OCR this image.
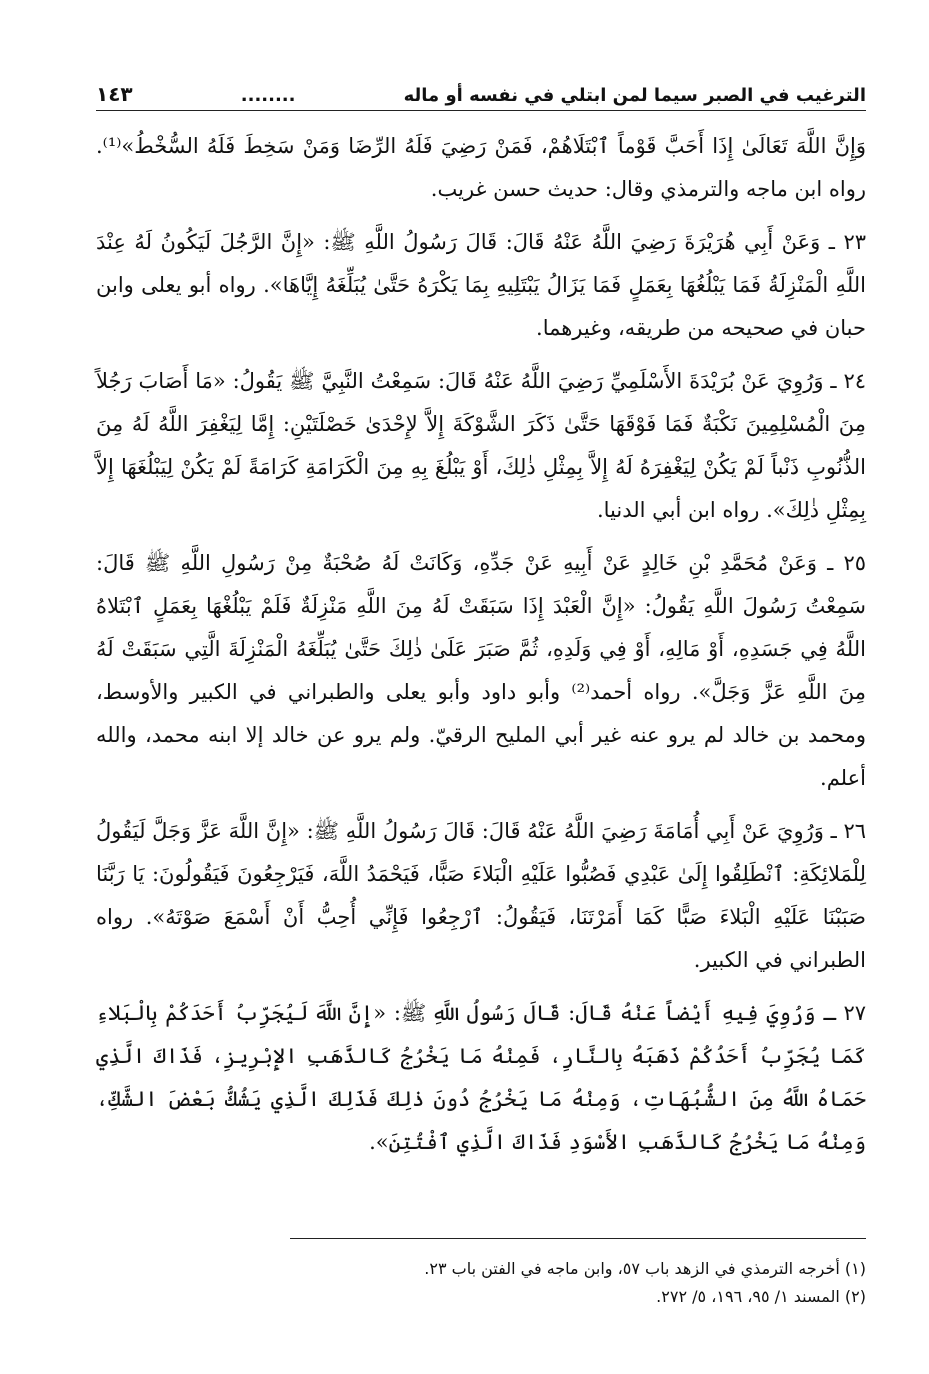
الترغيب في الصبر سيما لمن ابتلي في نفسه أو ماله
........
١٤٣

وَإِنَّ اللَّهَ تَعَالَىٰ إِذَا أَحَبَّ قَوْماً ٱبْتَلَاهُمْ، فَمَنْ رَضِيَ فَلَهُ الرِّضَا وَمَنْ سَخِطَ فَلَهُ السُّخْطُ»⁽¹⁾. رواه ابن ماجه والترمذي وقال: حديث حسن غريب.

٢٣ ـ وَعَنْ أَبِي هُرَيْرَةَ رَضِيَ اللَّهُ عَنْهُ قَالَ: قَالَ رَسُولُ اللَّهِ ﷺ: «إِنَّ الرَّجُلَ لَيَكُونُ لَهُ عِنْدَ اللَّهِ الْمَنْزِلَةُ فَمَا يَبْلُغُهَا بِعَمَلٍ فَمَا يَزَالُ يَبْتَلِيهِ بِمَا يَكْرَهُ حَتَّىٰ يُبَلِّغَهُ إِيَّاهَا». رواه أبو يعلى وابن حبان في صحيحه من طريقه، وغيرهما.

٢٤ ـ وَرُوِيَ عَنْ بُرَيْدَةَ الأَسْلَمِيِّ رَضِيَ اللَّهُ عَنْهُ قَالَ: سَمِعْتُ النَّبِيَّ ﷺ يَقُولُ: «مَا أَصَابَ رَجُلاً مِنَ الْمُسْلِمِينَ نَكْبَةٌ فَمَا فَوْقَهَا حَتَّىٰ ذَكَرَ الشَّوْكَةَ إِلاَّ لإِحْدَىٰ خَصْلَتَيْنِ: إِمَّا لِيَغْفِرَ اللَّهُ لَهُ مِنَ الذُّنُوبِ ذَنْباً لَمْ يَكُنْ لِيَغْفِرَهُ لَهُ إِلاَّ بِمِثْلِ ذٰلِكَ، أَوْ يَبْلُغَ بِهِ مِنَ الْكَرَامَةِ كَرَامَةً لَمْ يَكُنْ لِيَبْلُغَهَا إِلاَّ بِمِثْلِ ذٰلِكَ». رواه ابن أبي الدنيا.

٢٥ ـ وَعَنْ مُحَمَّدِ بْنِ خَالِدٍ عَنْ أَبِيهِ عَنْ جَدِّهِ، وَكَانَتْ لَهُ صُحْبَةٌ مِنْ رَسُولِ اللَّهِ ﷺ قَالَ: سَمِعْتُ رَسُولَ اللَّهِ يَقُولُ: «إِنَّ الْعَبْدَ إِذَا سَبَقَتْ لَهُ مِنَ اللَّهِ مَنْزِلَةٌ فَلَمْ يَبْلُغْهَا بِعَمَلٍ ٱبْتَلاهُ اللَّهُ فِي جَسَدِهِ، أَوْ مَالِهِ، أَوْ فِي وَلَدِهِ، ثُمَّ صَبَرَ عَلَىٰ ذٰلِكَ حَتَّىٰ يُبَلِّغَهُ الْمَنْزِلَةَ الَّتِي سَبَقَتْ لَهُ مِنَ اللَّهِ عَزَّ وَجَلَّ». رواه أحمد⁽²⁾ وأبو داود وأبو يعلى والطبراني في الكبير والأوسط، ومحمد بن خالد لم يرو عنه غير أبي المليح الرقيّ. ولم يرو عن خالد إلا ابنه محمد، والله أعلم.

٢٦ ـ وَرُوِيَ عَنْ أَبِي أُمَامَةَ رَضِيَ اللَّهُ عَنْهُ قَالَ: قَالَ رَسُولُ اللَّهِ ﷺ: «إِنَّ اللَّهَ عَزَّ وَجَلَّ لَيَقُولُ لِلْمَلائِكَةِ: ٱنْطَلِقُوا إِلَىٰ عَبْدِي فَصُبُّوا عَلَيْهِ الْبَلاءَ صَبًّا، فَيَحْمَدُ اللَّهَ، فَيَرْجِعُونَ فَيَقُولُونَ: يَا رَبَّنَا صَبَبْنَا عَلَيْهِ الْبَلاءَ صَبًّا كَمَا أَمَرْتَنَا، فَيَقُولُ: ٱرْجِعُوا فَإِنِّي أُحِبُّ أَنْ أَسْمَعَ صَوْتَهُ». رواه الطبراني في الكبير.

٢٧ ـ وَرُوِيَ فِيهِ أَيْضاً عَنْهُ قَالَ: قَالَ رَسُولُ اللَّهِ ﷺ: «إِنَّ اللَّهَ لَيُجَرِّبُ أَحَدَكُمْ بِالْبَلاءِ كَمَا يُجَرِّبُ أَحَدُكُمْ ذَهَبَهُ بِالنَّارِ، فَمِنْهُ مَا يَخْرُجُ كَالذَّهَبِ الإِبْرِيزِ، فَذَاكَ الَّذِي حَمَاهُ اللَّهُ مِنَ الشُّبُهَاتِ، وَمِنْهُ مَا يَخْرُجُ دُونَ ذٰلِكَ فَذَلِكَ الَّذِي يَشُكُّ بَعْضَ الشَّكِّ، وَمِنْهُ مَا يَخْرُجُ كَالذَّهَبِ الأَسْوَدِ فَذَاكَ الَّذِي ٱفْتُتِنَ».

(١) أخرجه الترمذي في الزهد باب ٥٧، وابن ماجه في الفتن باب ٢٣.
(٢) المسند ١/ ٩٥، ١٩٦، ٥/ ٢٧٢.
